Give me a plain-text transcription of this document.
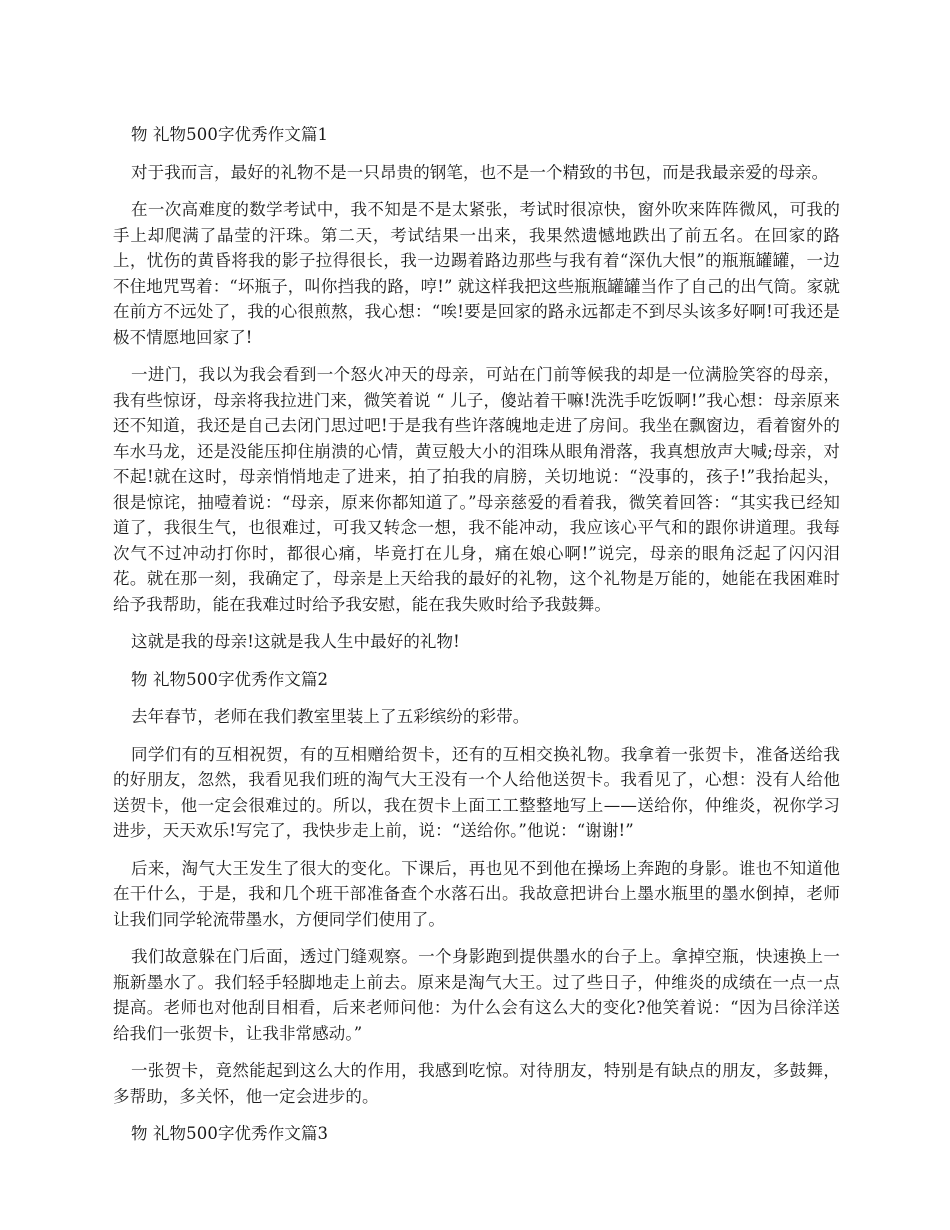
物 礼物500字优秀作文篇1

对于我而言，最好的礼物不是一只昂贵的钢笔，也不是一个精致的书包，而是我最亲爱的母亲。

在一次高难度的数学考试中，我不知是不是太紧张，考试时很凉快，窗外吹来阵阵微风，可我的手上却爬满了晶莹的汗珠。第二天，考试结果一出来，我果然遗憾地跌出了前五名。在回家的路上，忧伤的黄昏将我的影子拉得很长，我一边踢着路边那些与我有着“深仇大恨”的瓶瓶罐罐，一边不住地咒骂着：“坏瓶子，叫你挡我的路，哼!” 就这样我把这些瓶瓶罐罐当作了自己的出气筒。家就在前方不远处了，我的心很煎熬，我心想：“唉!要是回家的路永远都走不到尽头该多好啊!可我还是极不情愿地回家了!

一进门，我以为我会看到一个怒火冲天的母亲，可站在门前等候我的却是一位满脸笑容的母亲，我有些惊讶，母亲将我拉进门来，微笑着说 “ 儿子，傻站着干嘛!洗洗手吃饭啊!”我心想：母亲原来还不知道，我还是自己去闭门思过吧!于是我有些许落魄地走进了房间。我坐在飘窗边，看着窗外的车水马龙，还是没能压抑住崩溃的心情，黄豆般大小的泪珠从眼角滑落，我真想放声大喊;母亲，对不起!就在这时，母亲悄悄地走了进来，拍了拍我的肩膀，关切地说：“没事的，孩子!”我抬起头，很是惊诧，抽噎着说：“母亲，原来你都知道了。”母亲慈爱的看着我，微笑着回答：“其实我已经知道了，我很生气，也很难过，可我又转念一想，我不能冲动，我应该心平气和的跟你讲道理。我每次气不过冲动打你时，都很心痛，毕竟打在儿身，痛在娘心啊!”说完，母亲的眼角泛起了闪闪泪花。就在那一刻，我确定了，母亲是上天给我的最好的礼物，这个礼物是万能的，她能在我困难时给予我帮助，能在我难过时给予我安慰，能在我失败时给予我鼓舞。

这就是我的母亲!这就是我人生中最好的礼物!

物 礼物500字优秀作文篇2

去年春节，老师在我们教室里装上了五彩缤纷的彩带。

同学们有的互相祝贺，有的互相赠给贺卡，还有的互相交换礼物。我拿着一张贺卡，准备送给我的好朋友，忽然，我看见我们班的淘气大王没有一个人给他送贺卡。我看见了，心想：没有人给他送贺卡，他一定会很难过的。所以，我在贺卡上面工工整整地写上——送给你，仲维炎，祝你学习进步，天天欢乐!写完了，我快步走上前，说：“送给你。”他说：“谢谢!”

后来，淘气大王发生了很大的变化。下课后，再也见不到他在操场上奔跑的身影。谁也不知道他在干什么，于是，我和几个班干部准备查个水落石出。我故意把讲台上墨水瓶里的墨水倒掉，老师让我们同学轮流带墨水，方便同学们使用了。

我们故意躲在门后面，透过门缝观察。一个身影跑到提供墨水的台子上。拿掉空瓶，快速换上一瓶新墨水了。我们轻手轻脚地走上前去。原来是淘气大王。过了些日子，仲维炎的成绩在一点一点提高。老师也对他刮目相看，后来老师问他：为什么会有这么大的变化?他笑着说：“因为吕徐洋送给我们一张贺卡，让我非常感动。”

一张贺卡，竟然能起到这么大的作用，我感到吃惊。对待朋友，特别是有缺点的朋友，多鼓舞，多帮助，多关怀，他一定会进步的。

物 礼物500字优秀作文篇3
